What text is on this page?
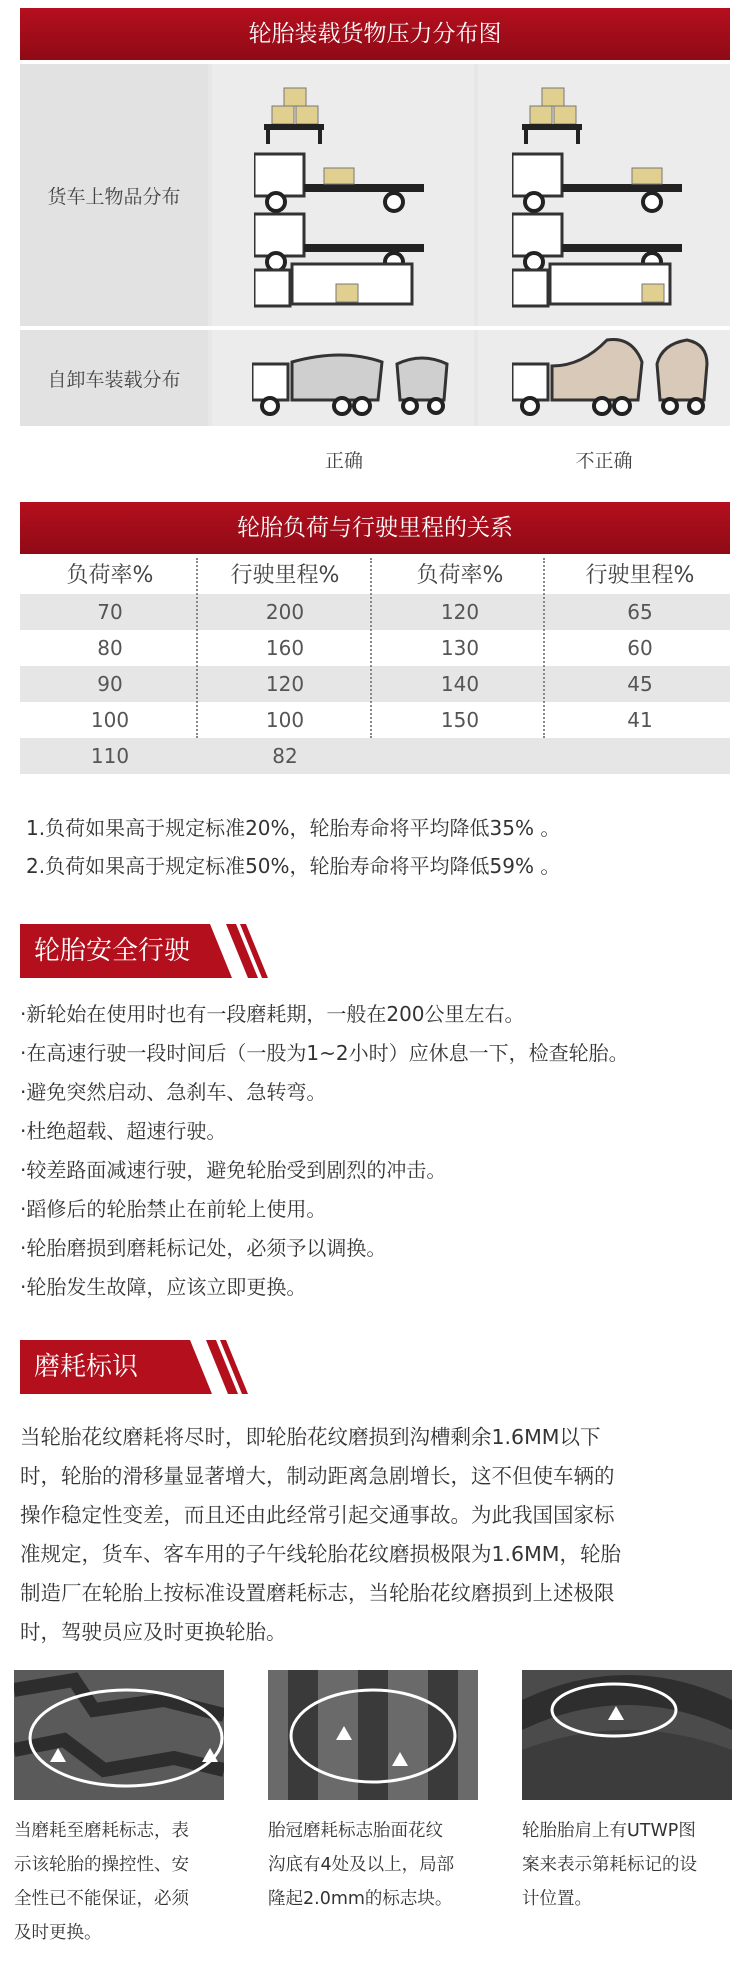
轮胎装载货物压力分布图
货车上物品分布
自卸车装载分布
正确	不正确
轮胎负荷与行驶里程的关系
负荷率%	行驶里程%	负荷率%	行驶里程%
70	200	120	65
80	160	130	60
90	120	140	45
100	100	150	41
110	82
1.负荷如果高于规定标准20%，轮胎寿命将平均降低35% 。
2.负荷如果高于规定标准50%，轮胎寿命将平均降低59% 。
轮胎安全行驶
·新轮始在使用时也有一段磨耗期，一般在200公里左右。
·在高速行驶一段时间后（一股为1~2小时）应休息一下，检查轮胎。
·避免突然启动、急刹车、急转弯。
·杜绝超载、超速行驶。
·较差路面减速行驶，避免轮胎受到剧烈的冲击。
·蹈修后的轮胎禁止在前轮上使用。
·轮胎磨损到磨耗标记处，必须予以调换。
·轮胎发生故障，应该立即更换。
磨耗标识
当轮胎花纹磨耗将尽时，即轮胎花纹磨损到沟槽剩余1.6MM以下
时，轮胎的滑移量显著增大，制动距离急剧增长，这不但使车辆的
操作稳定性变差，而且还由此经常引起交通事故。为此我国国家标
准规定，货车、客车用的子午线轮胎花纹磨损极限为1.6MM，轮胎
制造厂在轮胎上按标准设置磨耗标志，当轮胎花纹磨损到上述极限
时，驾驶员应及时更换轮胎。
当磨耗至磨耗标志，表
示该轮胎的操控性、安
全性已不能保证，必须
及时更换。
胎冠磨耗标志胎面花纹
沟底有4处及以上，局部
隆起2.0mm的标志块。
轮胎胎肩上有UTWP图
案来表示第耗标记的设
计位置。
